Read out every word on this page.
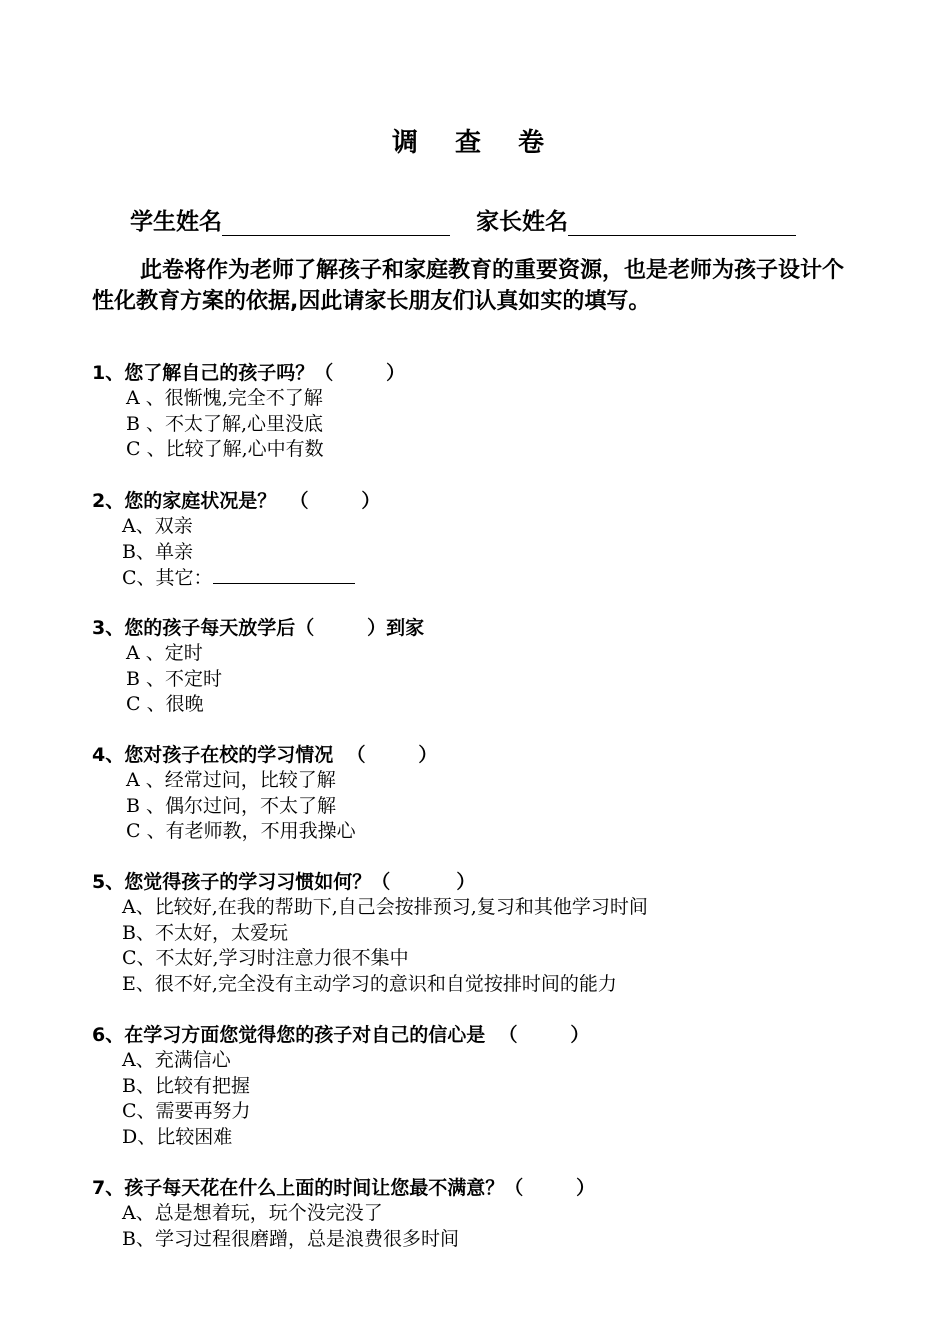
调 查 卷
学生姓名	家长姓名
此卷将作为老师了解孩子和家庭教育的重要资源，也是老师为孩子设计个性化教育方案的依据,因此请家长朋友们认真如实的填写。
1、您了解自己的孩子吗？（        ）
A 、很惭愧,完全不了解
B 、不太了解,心里没底
C 、比较了解,心中有数
2、您的家庭状况是？  （        ）
A、双亲
B、单亲
C、其它：
3、您的孩子每天放学后（        ）到家
A 、定时
B 、不定时
C 、很晚
4、您对孩子在校的学习情况  （        ）
A 、经常过问，比较了解
B 、偶尔过问，不太了解
C 、有老师教，不用我操心
5、您觉得孩子的学习习惯如何？（          ）
A、比较好,在我的帮助下,自己会按排预习,复习和其他学习时间
B、不太好，太爱玩
C、不太好,学习时注意力很不集中
E、很不好,完全没有主动学习的意识和自觉按排时间的能力
6、在学习方面您觉得您的孩子对自己的信心是  （        ）
A、充满信心
B、比较有把握
C、需要再努力
D、比较困难
7、孩子每天花在什么上面的时间让您最不满意？（        ）
A、总是想着玩，玩个没完没了
B、学习过程很磨蹭，总是浪费很多时间
